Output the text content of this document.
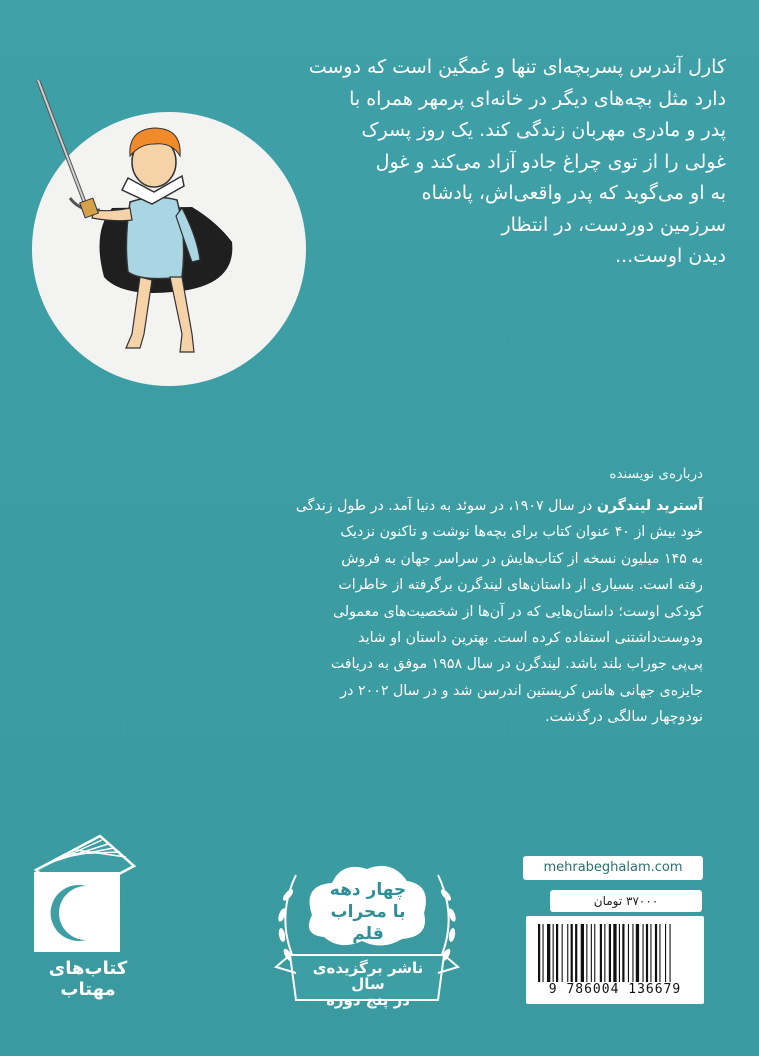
کارل آندرس پسربچه‌ای تنها و غمگین است که دوست
دارد مثل بچه‌های دیگر در خانه‌ای پرمهر همراه با
پدر و مادری مهربان زندگی کند. یک روز پسرک
غولی را از توی چراغ جادو آزاد می‌کند و غول
به او می‌گوید که پدر واقعی‌اش، پادشاه
سرزمین دوردست، در انتظار
دیدن اوست...
درباره‌ی نویسنده
آسترید لیندگرن در سال ۱۹۰۷، در سوئد به دنیا آمد. در طول زندگی
خود بیش از ۴۰ عنوان کتاب برای بچه‌ها نوشت و تاکنون نزدیک
به ۱۴۵ میلیون نسخه از کتاب‌هایش در سراسر جهان به فروش
رفته است. بسیاری از داستان‌های لیندگرن برگرفته از خاطرات
کودکی اوست؛ داستان‌هایی که در آن‌ها از شخصیت‌های معمولی
ودوست‌داشتنی استفاده کرده است. بهترین داستان او شاید
پی‌پی جوراب بلند باشد. لیندگرن در سال ۱۹۵۸ موفق به دریافت
جایزه‌ی جهانی هانس کریستین اندرسن شد و در سال ۲۰۰۲ در
نودوچهار سالگی درگذشت.
کتاب‌های مهتاب
چهار دهه
با محراب قلم
ناشر برگزیده‌ی سال
در پنج دوره
mehrabeghalam.com
۳۷۰۰۰ تومان
9 786004 136679
